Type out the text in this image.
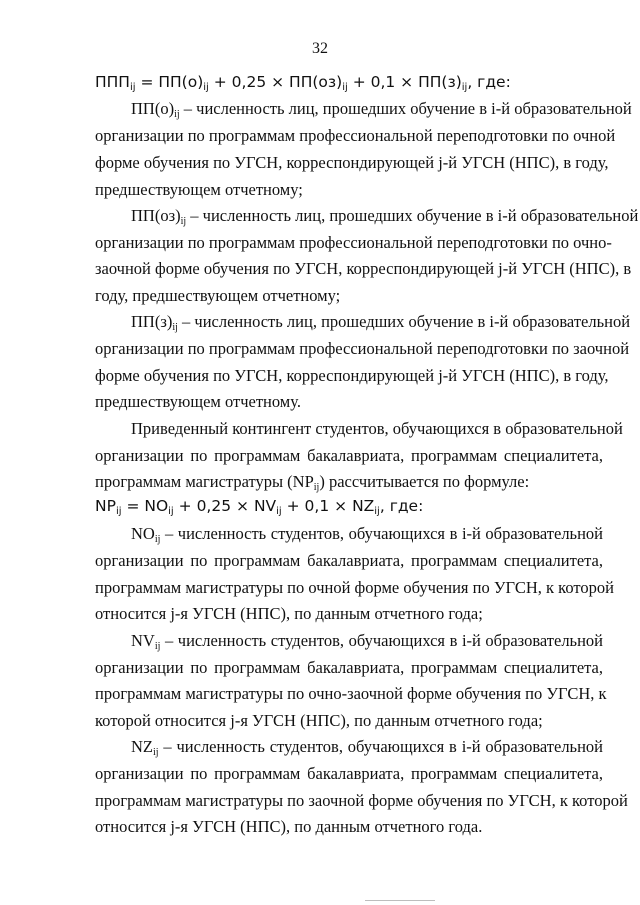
32
$ППП_{ij} = ПП(о)_{ij} + 0,25 \times ПП(оз)_{ij} + 0,1 \times ПП(з)_{ij}$, где:
$ПП(о)_{ij}$ – численность лиц, прошедших обучение в i-й образовательной
организации по программам профессиональной переподготовки по очной
форме обучения по УГСН, корреспондирующей j-й УГСН (НПС), в году,
предшествующем отчетному;
$ПП(оз)_{ij}$ – численность лиц, прошедших обучение в i-й образовательной
организации по программам профессиональной переподготовки по очно-
заочной форме обучения по УГСН, корреспондирующей j-й УГСН (НПС), в
году, предшествующем отчетному;
$ПП(з)_{ij}$ – численность лиц, прошедших обучение в i-й образовательной
организации по программам профессиональной переподготовки по заочной
форме обучения по УГСН, корреспондирующей j-й УГСН (НПС), в году,
предшествующем отчетному.
Приведенный контингент студентов, обучающихся в образовательной
организации по программам бакалавриата, программам специалитета,
программам магистратуры $(NP_{ij})$ рассчитывается по формуле:
$NP_{ij} = NO_{ij} + 0,25 \times NV_{ij} + 0,1 \times NZ_{ij}$, где:
$NO_{ij}$ – численность студентов, обучающихся в i-й образовательной
организации по программам бакалавриата, программам специалитета,
программам магистратуры по очной форме обучения по УГСН, к которой
относится j-я УГСН (НПС), по данным отчетного года;
$NV_{ij}$ – численность студентов, обучающихся в i-й образовательной
организации по программам бакалавриата, программам специалитета,
программам магистратуры по очно-заочной форме обучения по УГСН, к
которой относится j-я УГСН (НПС), по данным отчетного года;
$NZ_{ij}$ – численность студентов, обучающихся в i-й образовательной
организации по программам бакалавриата, программам специалитета,
программам магистратуры по заочной форме обучения по УГСН, к которой
относится j-я УГСН (НПС), по данным отчетного года.
